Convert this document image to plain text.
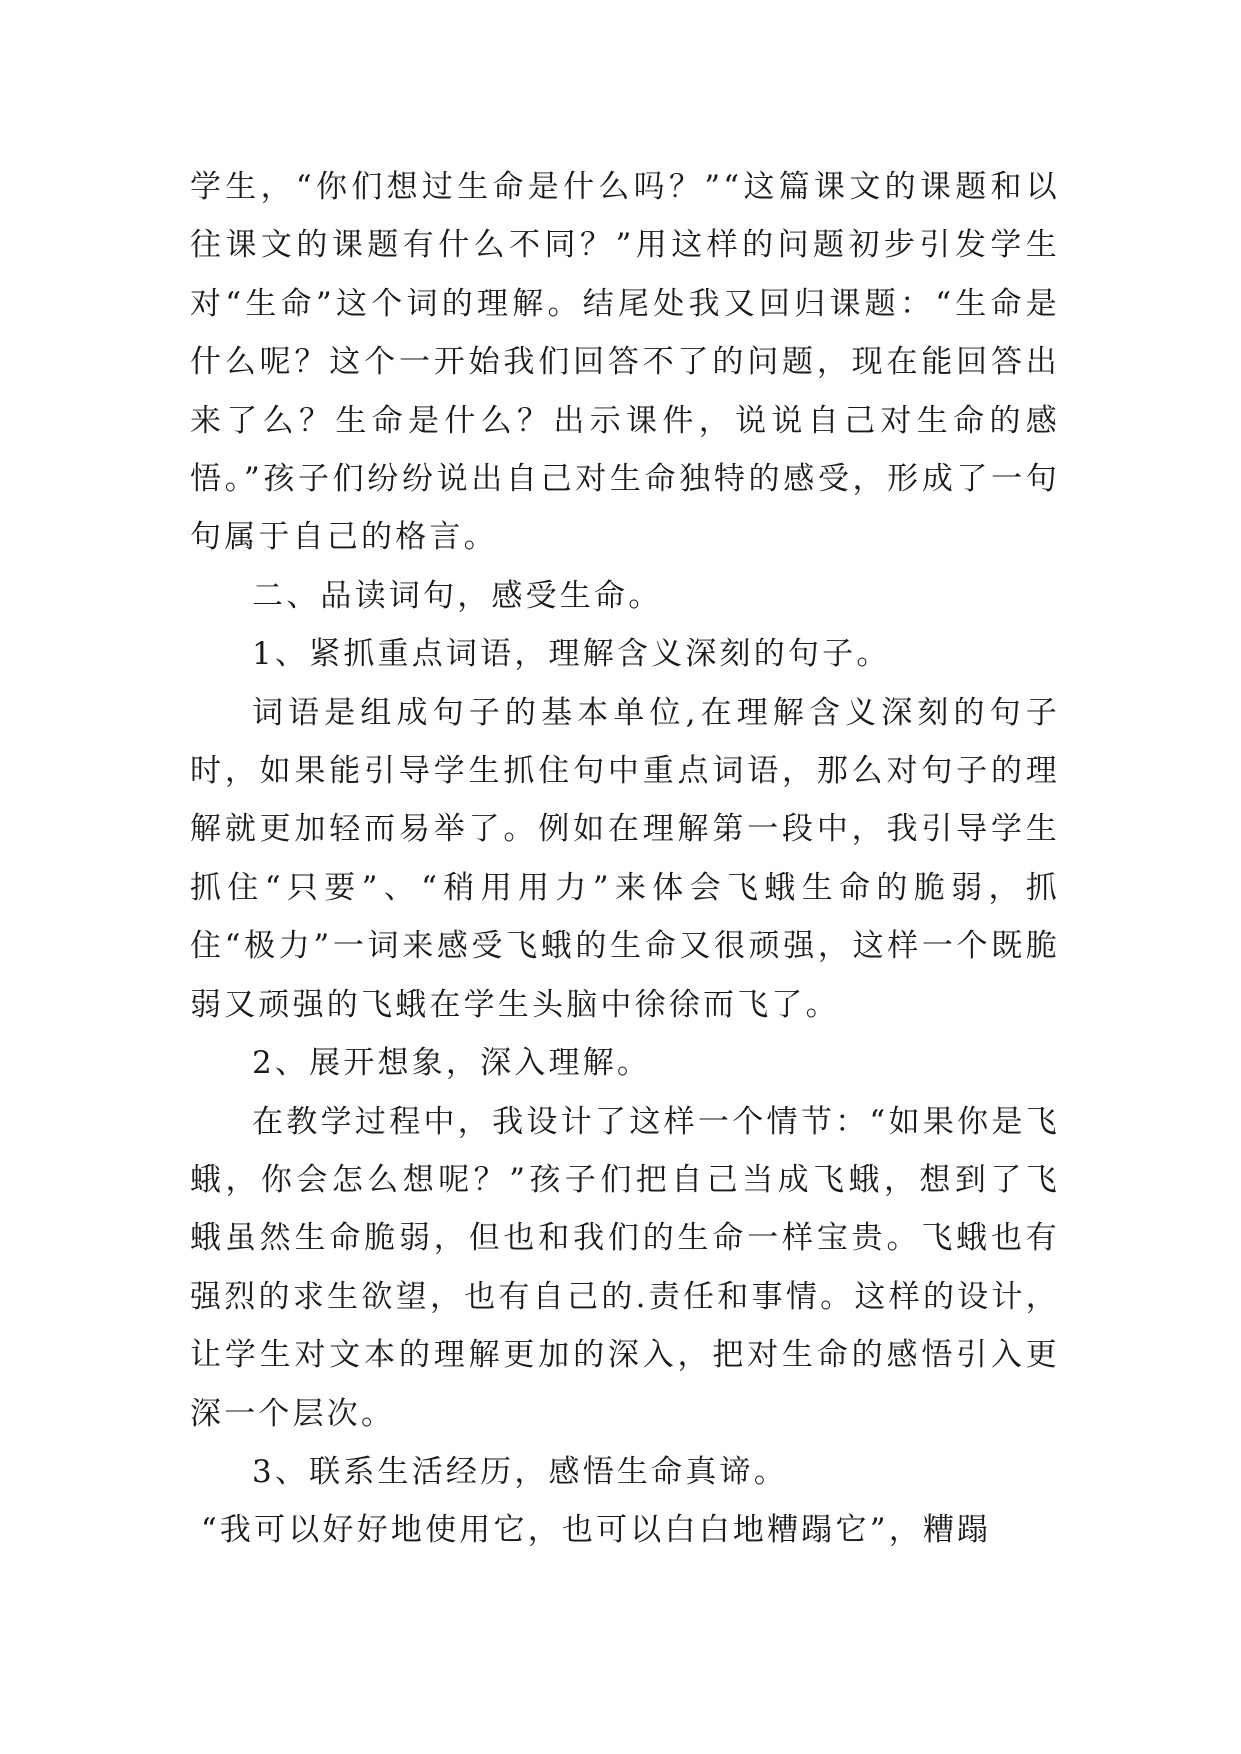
学生，“你们想过生命是什么吗？”“这篇课文的课题和以往课文的课题有什么不同？”用这样的问题初步引发学生对“生命”这个词的理解。结尾处我又回归课题：“生命是什么呢？这个一开始我们回答不了的问题，现在能回答出来了么？生命是什么？出示课件，说说自己对生命的感悟。”孩子们纷纷说出自己对生命独特的感受，形成了一句句属于自己的格言。

二、品读词句，感受生命。

1、紧抓重点词语，理解含义深刻的句子。

词语是组成句子的基本单位,在理解含义深刻的句子时，如果能引导学生抓住句中重点词语，那么对句子的理解就更加轻而易举了。例如在理解第一段中，我引导学生抓住“只要”、“稍用用力”来体会飞蛾生命的脆弱，抓住“极力”一词来感受飞蛾的生命又很顽强，这样一个既脆弱又顽强的飞蛾在学生头脑中徐徐而飞了。

2、展开想象，深入理解。

在教学过程中，我设计了这样一个情节：“如果你是飞蛾，你会怎么想呢？”孩子们把自己当成飞蛾，想到了飞蛾虽然生命脆弱，但也和我们的生命一样宝贵。飞蛾也有强烈的求生欲望，也有自己的.责任和事情。这样的设计，让学生对文本的理解更加的深入，把对生命的感悟引入更深一个层次。

3、联系生活经历，感悟生命真谛。

“我可以好好地使用它，也可以白白地糟蹋它”，糟蹋
